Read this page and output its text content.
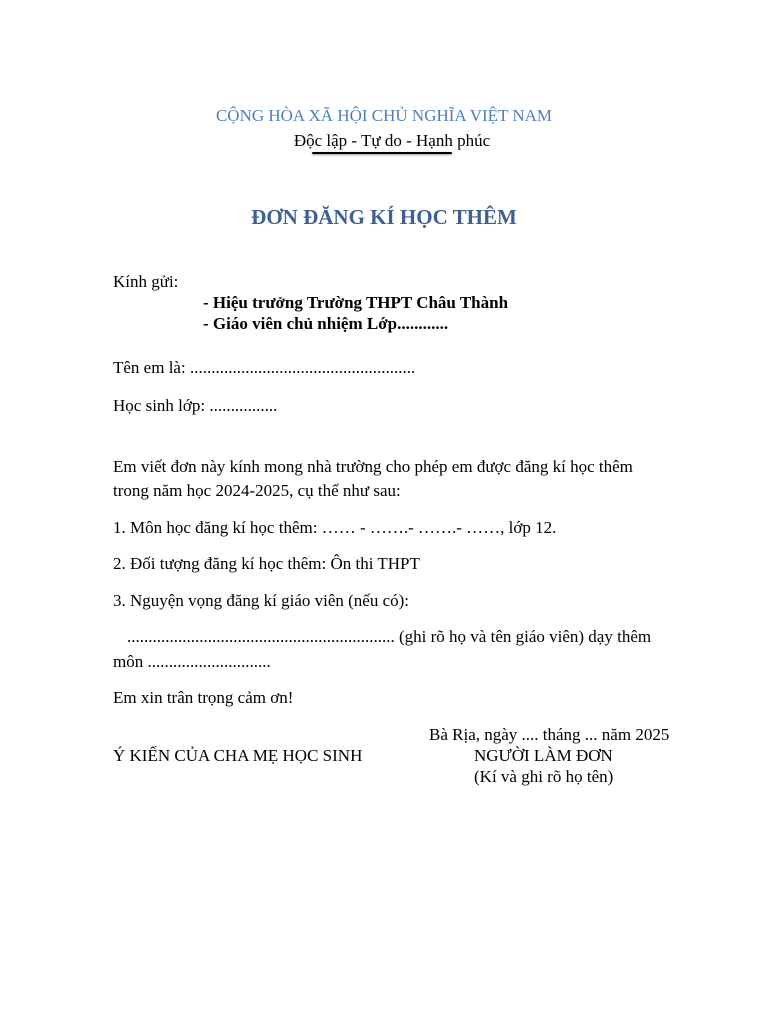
CỘNG HÒA XÃ HỘI CHỦ NGHĨA VIỆT NAM
Độc lập - Tự do - Hạnh phúc
ĐƠN ĐĂNG KÍ HỌC THÊM
Kính gửi:
- Hiệu trưởng Trường THPT Châu Thành
- Giáo viên chủ nhiệm Lớp............
Tên em là: .....................................................
Học sinh lớp: ................
Em viết đơn này kính mong nhà trường cho phép em được đăng kí học thêm
trong năm học 2024-2025, cụ thể như sau:
1. Môn học đăng kí học thêm: …… - …….- …….- ……, lớp 12.
2. Đối tượng đăng kí học thêm: Ôn thi THPT
3. Nguyện vọng đăng kí giáo viên (nếu có):
............................................................... (ghi rõ họ và tên giáo viên) dạy thêm
môn .............................
Em xin trân trọng cảm ơn!
Bà Rịa, ngày .... tháng ... năm 2025
Ý KIẾN CỦA CHA MẸ HỌC SINH	NGƯỜI LÀM ĐƠN
(Kí và ghi rõ họ tên)
